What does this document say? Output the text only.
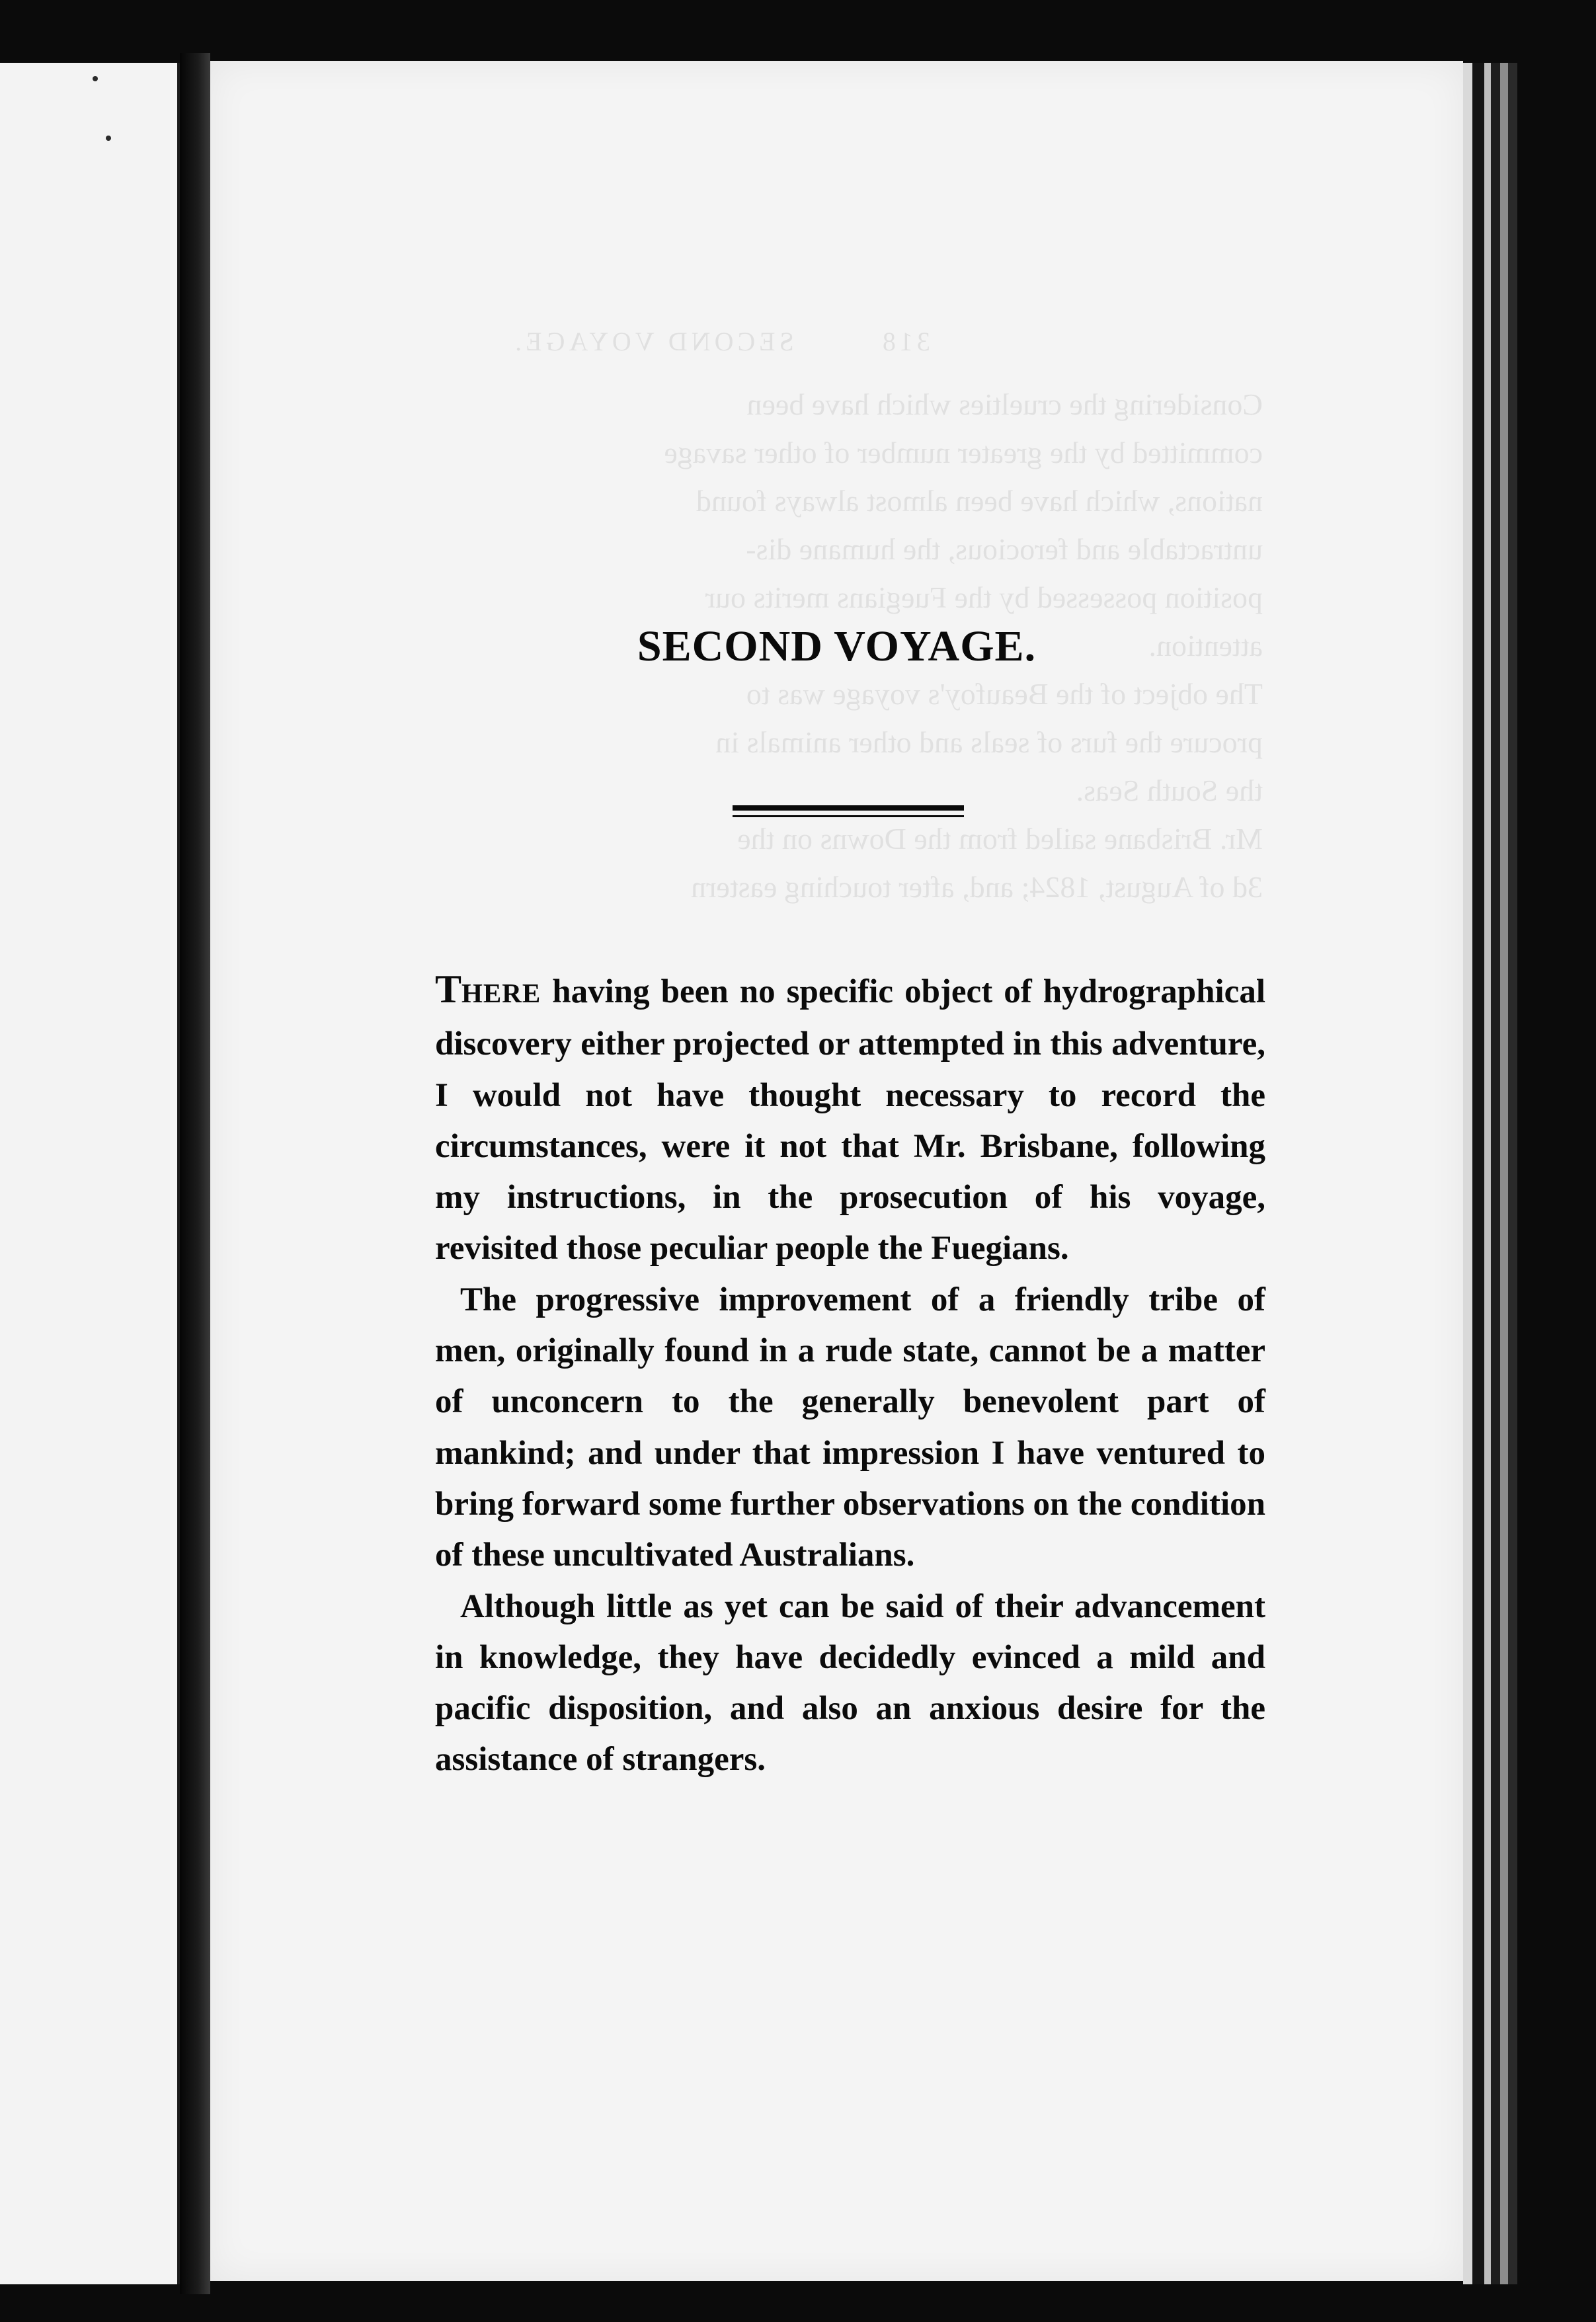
SECOND VOYAGE.

THERE having been no specific object of hydrographical discovery either projected or attempted in this adventure, I would not have thought necessary to record the circumstances, were it not that Mr. Brisbane, following my instructions, in the prosecution of his voyage, revisited those peculiar people the Fuegians.

The progressive improvement of a friendly tribe of men, originally found in a rude state, cannot be a matter of unconcern to the generally benevolent part of mankind; and under that impression I have ventured to bring forward some further observations on the condition of these uncultivated Australians.

Although little as yet can be said of their advancement in knowledge, they have decidedly evinced a mild and pacific disposition, and also an anxious desire for the assistance of strangers.
